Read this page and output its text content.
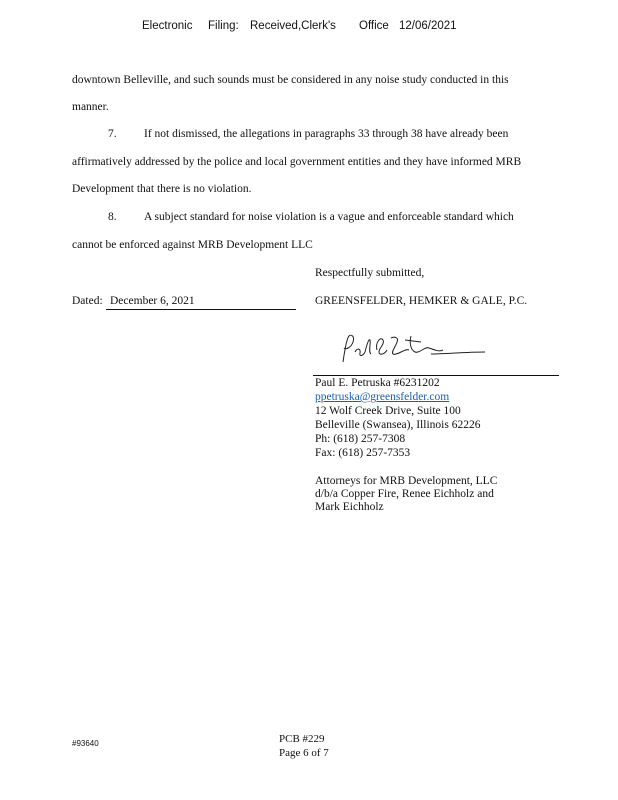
Electronic Filing: Received,Clerk's Office 12/06/2021
downtown Belleville, and such sounds must be considered in any noise study conducted in this
manner.
7. If not dismissed, the allegations in paragraphs 33 through 38 have already been
affirmatively addressed by the police and local government entities and they have informed MRB
Development that there is no violation.
8. A subject standard for noise violation is a vague and enforceable standard which
cannot be enforced against MRB Development LLC
Respectfully submitted,
Dated: December 6, 2021	GREENSFELDER, HEMKER & GALE, P.C.
Paul E. Petruska #6231202
ppetruska@greensfelder.com
12 Wolf Creek Drive, Suite 100
Belleville (Swansea), Illinois 62226
Ph: (618) 257-7308
Fax: (618) 257-7353
Attorneys for MRB Development, LLC
d/b/a Copper Fire, Renee Eichholz and
Mark Eichholz
#93640	PCB #229
Page 6 of 7
